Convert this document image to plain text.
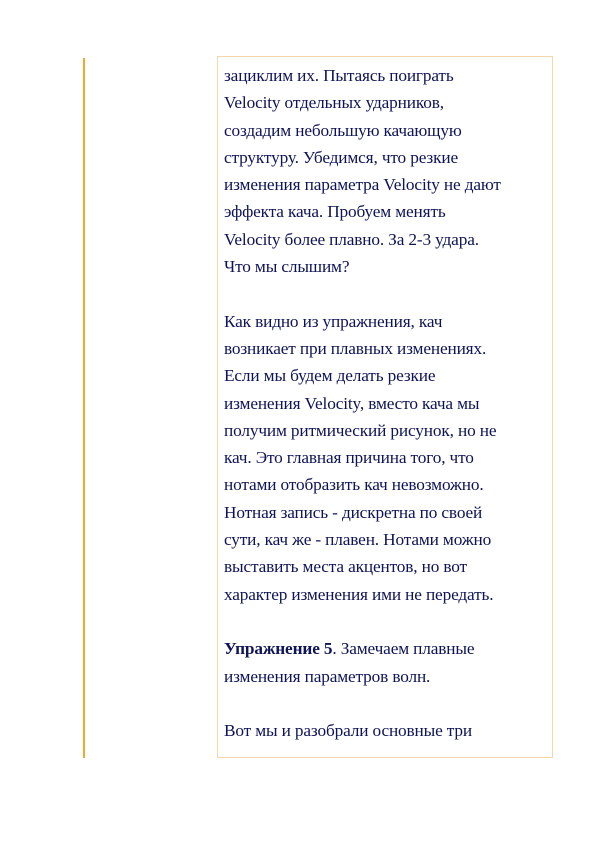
зациклим их. Пытаясь поиграть
Velocity отдельных ударников,
создадим небольшую качающую
структуру. Убедимся, что резкие
изменения параметра Velocity не дают
эффекта кача. Пробуем менять
Velocity более плавно. За 2-3 удара.
Что мы слышим?

Как видно из упражнения, кач
возникает при плавных изменениях.
Если мы будем делать резкие
изменения Velocity, вместо кача мы
получим ритмический рисунок, но не
кач. Это главная причина того, что
нотами отобразить кач невозможно.
Нотная запись - дискретна по своей
сути, кач же - плавен. Нотами можно
выставить места акцентов, но вот
характер изменения ими не передать.

Упражнение 5. Замечаем плавные
изменения параметров волн.

Вот мы и разобрали основные три
